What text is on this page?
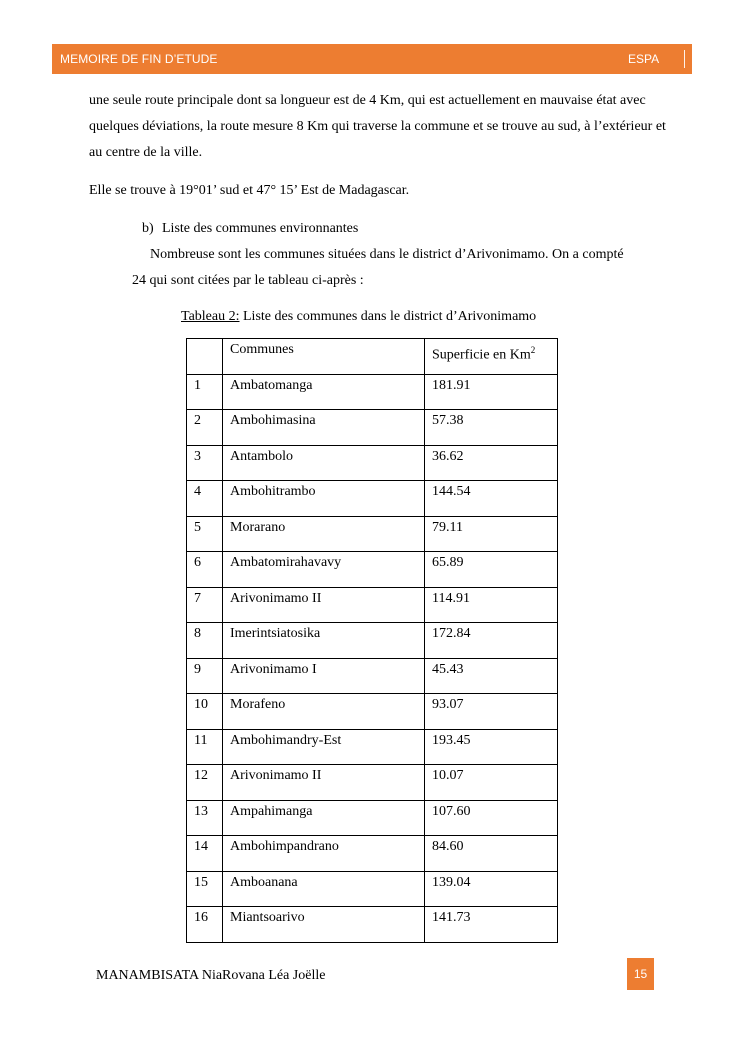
MEMOIRE DE FIN D’ETUDE	ESPA

une seule route principale dont sa longueur est de 4 Km, qui est actuellement en mauvaise état avec quelques déviations, la route mesure 8 Km qui traverse la commune et se trouve au sud, à l’extérieur et au centre de la ville.

Elle se trouve à 19°01’ sud et 47° 15’ Est de Madagascar.

b) Liste des communes environnantes

Nombreuse sont les communes situées dans le district d’Arivonimamo. On a compté 24 qui sont citées par le tableau ci-après :

Tableau 2: Liste des communes dans le district d’Arivonimamo
	Communes	Superficie en Km$^2$
1	Ambatomanga	181.91
2	Ambohimasina	57.38
3	Antambolo	36.62
4	Ambohitrambo	144.54
5	Morarano	79.11
6	Ambatomirahavavy	65.89
7	Arivonimamo II	114.91
8	Imerintsiatosika	172.84
9	Arivonimamo I	45.43
10	Morafeno	93.07
11	Ambohimandry-Est	193.45
12	Arivonimamo II	10.07
13	Ampahimanga	107.60
14	Ambohimpandrano	84.60
15	Amboanana	139.04
16	Miantsoarivo	141.73
MANAMBISATA NiaRovana Léa Joëlle	15
